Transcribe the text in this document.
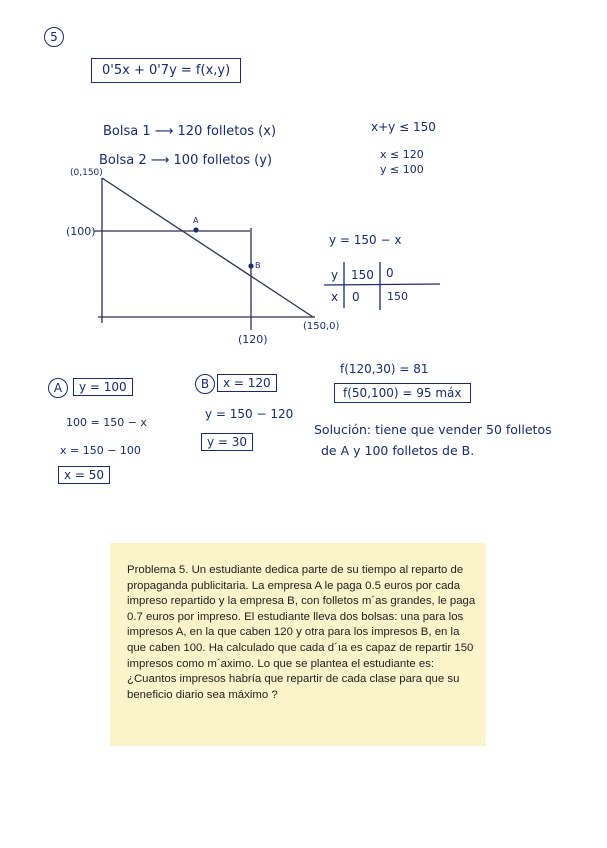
5
0'5x + 0'7y = f(x,y)
Bolsa 1 ⟶ 120 folletos (x)
Bolsa 2 ⟶ 100 folletos (y)
x+y ≤ 150
x ≤ 120
y ≤ 100
(0,150)
(100)
A
B
(120)
(150,0)
y = 150 − x
y 150 0
x 0 150
A	y = 100
100 = 150 − x
x = 150 − 100
x = 50
B	x = 120
y = 150 − 120
y = 30
f(120,30) = 81
f(50,100) = 95 máx
Solución: tiene que vender 50 folletos
de A y 100 folletos de B.

Problema 5. Un estudiante dedica parte de su tiempo al reparto de propaganda publicitaria. La empresa A le paga 0.5 euros por cada impreso repartido y la empresa B, con folletos m´as grandes, le paga 0.7 euros por impreso. El estudiante lleva dos bolsas: una para los impresos A, en la que caben 120 y otra para los impresos B, en la que caben 100. Ha calculado que cada d´ıa es capaz de repartir 150 impresos como m´aximo. Lo que se plantea el estudiante es: ¿Cuantos impresos habría que repartir de cada clase para que su beneficio diario sea máximo ?
